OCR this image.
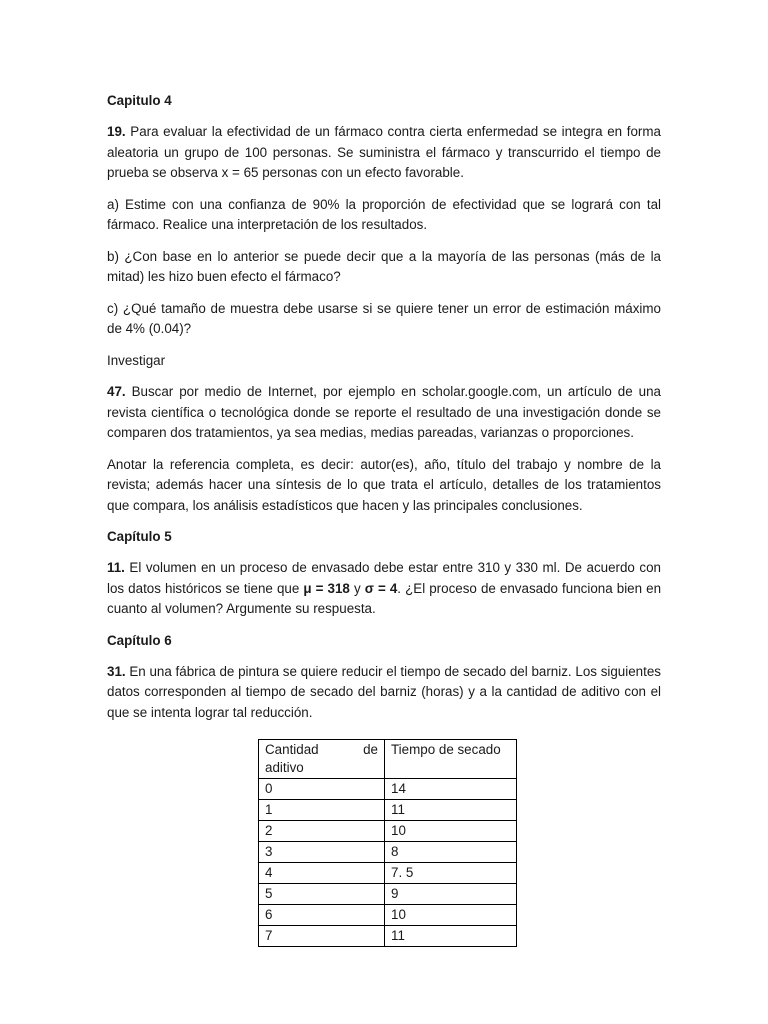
Capitulo 4

19. Para evaluar la efectividad de un fármaco contra cierta enfermedad se integra en forma aleatoria un grupo de 100 personas. Se suministra el fármaco y transcurrido el tiempo de prueba se observa x = 65 personas con un efecto favorable.

a) Estime con una confianza de 90% la proporción de efectividad que se logrará con tal fármaco. Realice una interpretación de los resultados.

b) ¿Con base en lo anterior se puede decir que a la mayoría de las personas (más de la mitad) les hizo buen efecto el fármaco?

c) ¿Qué tamaño de muestra debe usarse si se quiere tener un error de estimación máximo de 4% (0.04)?

Investigar

47. Buscar por medio de Internet, por ejemplo en scholar.google.com, un artículo de una revista científica o tecnológica donde se reporte el resultado de una investigación donde se comparen dos tratamientos, ya sea medias, medias pareadas, varianzas o proporciones.

Anotar la referencia completa, es decir: autor(es), año, título del trabajo y nombre de la revista; además hacer una síntesis de lo que trata el artículo, detalles de los tratamientos que compara, los análisis estadísticos que hacen y las principales conclusiones.

Capítulo 5

11. El volumen en un proceso de envasado debe estar entre 310 y 330 ml. De acuerdo con los datos históricos se tiene que μ = 318 y σ = 4. ¿El proceso de envasado funciona bien en cuanto al volumen? Argumente su respuesta.

Capítulo 6

31. En una fábrica de pintura se quiere reducir el tiempo de secado del barniz. Los siguientes datos corresponden al tiempo de secado del barniz (horas) y a la cantidad de aditivo con el que se intenta lograr tal reducción.

Cantidad de
aditivo	Tiempo de secado
0	14
1	11
2	10
3	8
4	7. 5
5	9
6	10
7	11
